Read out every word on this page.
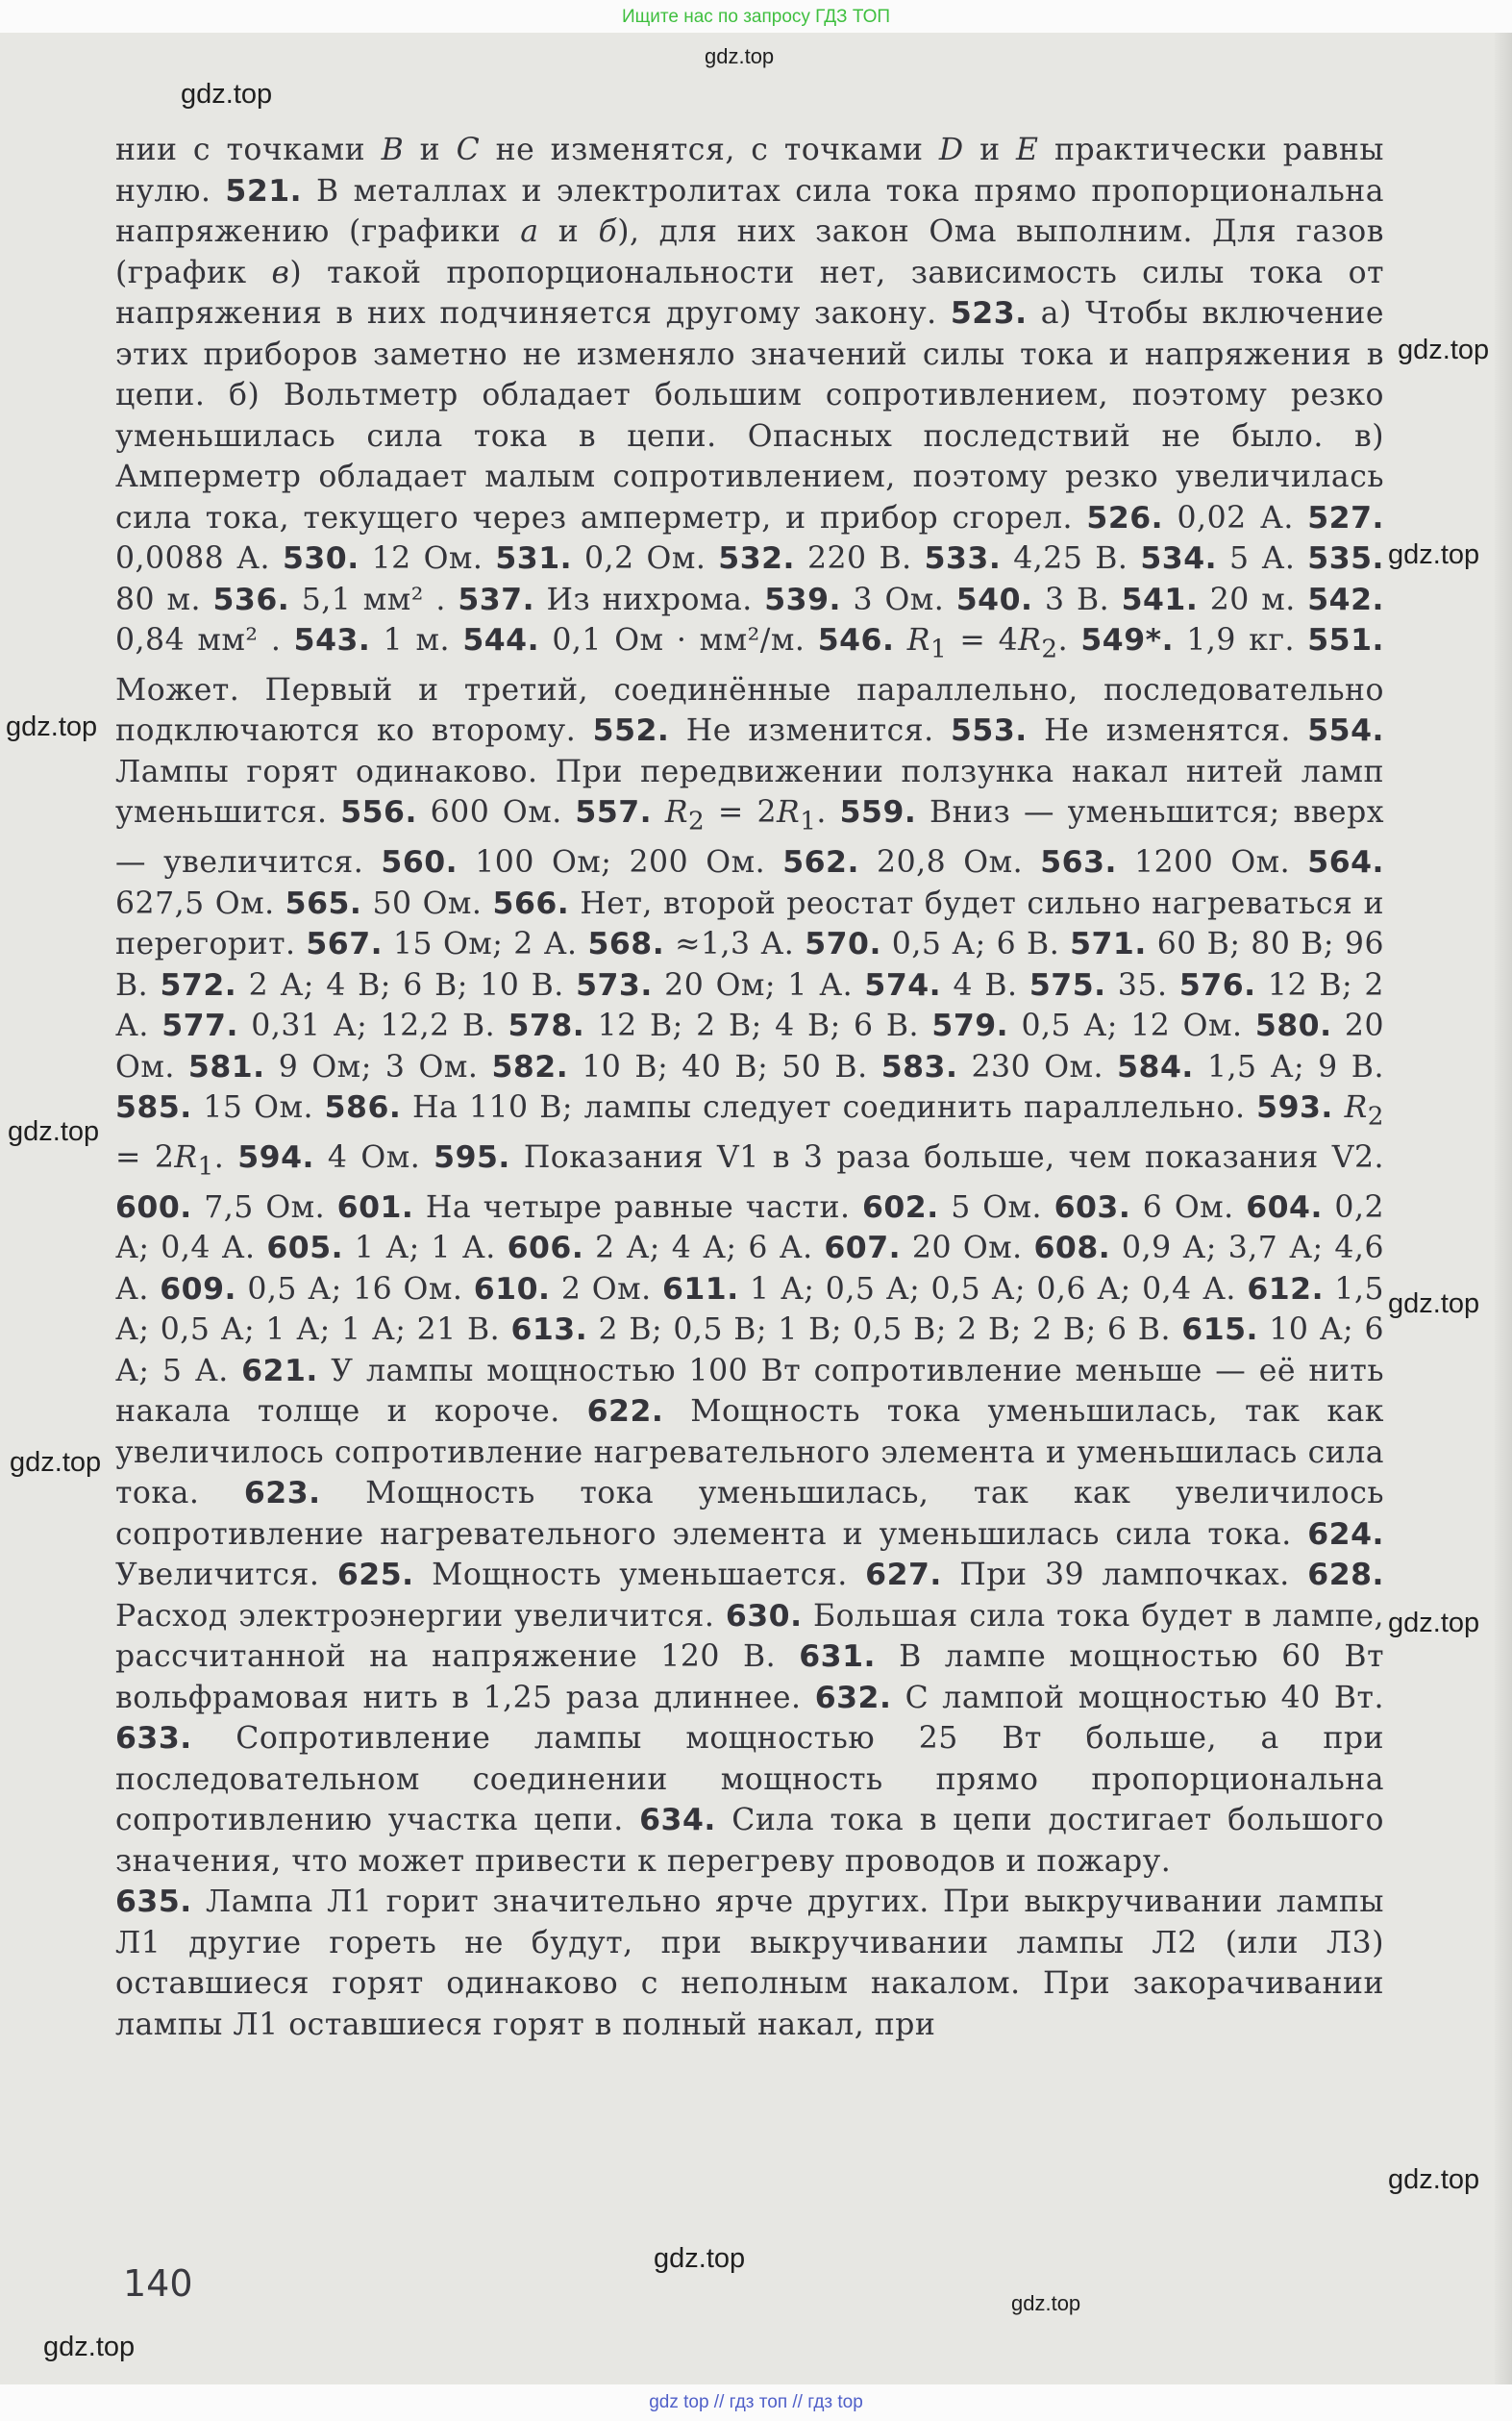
Ищите нас по запросу ГДЗ ТОП

нии с точками B и C не изменятся, с точками D и E практически равны нулю. 521. В металлах и электролитах сила тока прямо пропорциональна напряжению (графики а и б), для них закон Ома выполним. Для газов (график в) такой пропорциональности нет, зависимость силы тока от напряжения в них подчиняется другому закону. 523. а) Чтобы включение этих приборов заметно не изменяло значений силы тока и напряжения в цепи. б) Вольтметр обладает большим сопротивлением, поэтому резко уменьшилась сила тока в цепи. Опасных последствий не было. в) Амперметр обладает малым сопротивлением, поэтому резко увеличилась сила тока, текущего через амперметр, и прибор сгорел. 526. 0,02 А. 527. 0,0088 А. 530. 12 Ом. 531. 0,2 Ом. 532. 220 В. 533. 4,25 В. 534. 5 А. 535. 80 м. 536. 5,1 мм² . 537. Из нихрома. 539. 3 Ом. 540. 3 В. 541. 20 м. 542. 0,84 мм² . 543. 1 м. 544. 0,1 Ом · мм²/м. 546. $R_1 = 4R_2$. 549*. 1,9 кг. 551. Может. Первый и третий, соединённые параллельно, последовательно подключаются ко второму. 552. Не изменится. 553. Не изменятся. 554. Лампы горят одинаково. При передвижении ползунка накал нитей ламп уменьшится. 556. 600 Ом. 557. $R_2 = 2R_1$. 559. Вниз — уменьшится; вверх — увеличится. 560. 100 Ом; 200 Ом. 562. 20,8 Ом. 563. 1200 Ом. 564. 627,5 Ом. 565. 50 Ом. 566. Нет, второй реостат будет сильно нагреваться и перегорит. 567. 15 Ом; 2 А. 568. ≈1,3 А. 570. 0,5 А; 6 В. 571. 60 В; 80 В; 96 В. 572. 2 А; 4 В; 6 В; 10 В. 573. 20 Ом; 1 А. 574. 4 В. 575. 35. 576. 12 В; 2 А. 577. 0,31 А; 12,2 В. 578. 12 В; 2 В; 4 В; 6 В. 579. 0,5 А; 12 Ом. 580. 20 Ом. 581. 9 Ом; 3 Ом. 582. 10 В; 40 В; 50 В. 583. 230 Ом. 584. 1,5 А; 9 В. 585. 15 Ом. 586. На 110 В; лампы следует соединить параллельно. 593. $R_2 = 2R_1$. 594. 4 Ом. 595. Показания V1 в 3 раза больше, чем показания V2. 600. 7,5 Ом. 601. На четыре равные части. 602. 5 Ом. 603. 6 Ом. 604. 0,2 А; 0,4 А. 605. 1 А; 1 А. 606. 2 А; 4 А; 6 А. 607. 20 Ом. 608. 0,9 А; 3,7 А; 4,6 А. 609. 0,5 А; 16 Ом. 610. 2 Ом. 611. 1 А; 0,5 А; 0,5 А; 0,6 А; 0,4 А. 612. 1,5 А; 0,5 А; 1 А; 1 А; 21 В. 613. 2 В; 0,5 В; 1 В; 0,5 В; 2 В; 2 В; 6 В. 615. 10 А; 6 А; 5 А. 621. У лампы мощностью 100 Вт сопротивление меньше — её нить накала толще и короче. 622. Мощность тока уменьшилась, так как увеличилось сопротивление нагревательного элемента и уменьшилась сила тока. 623. Мощность тока уменьшилась, так как увеличилось сопротивление нагревательного элемента и уменьшилась сила тока. 624. Увеличится. 625. Мощность уменьшается. 627. При 39 лампочках. 628. Расход электроэнергии увеличится. 630. Большая сила тока будет в лампе, рассчитанной на напряжение 120 В. 631. В лампе мощностью 60 Вт вольфрамовая нить в 1,25 раза длиннее. 632. С лампой мощностью 40 Вт. 633. Сопротивление лампы мощностью 25 Вт больше, а при последовательном соединении мощность прямо пропорциональна сопротивлению участка цепи. 634. Сила тока в цепи достигает большого значения, что может привести к перегреву проводов и пожару.

635. Лампа Л1 горит значительно ярче других. При выкручивании лампы Л1 другие гореть не будут, при выкручивании лампы Л2 (или Л3) оставшиеся горят одинаково с неполным накалом. При закорачивании лампы Л1 оставшиеся горят в полный накал, при

140
gdz.top
gdz.top
gdz.top
gdz.top
gdz.top
gdz.top
gdz.top
gdz.top
gdz.top
gdz.top
gdz.top
gdz.top
gdz.top
gdz top // гдз топ // гдз top
